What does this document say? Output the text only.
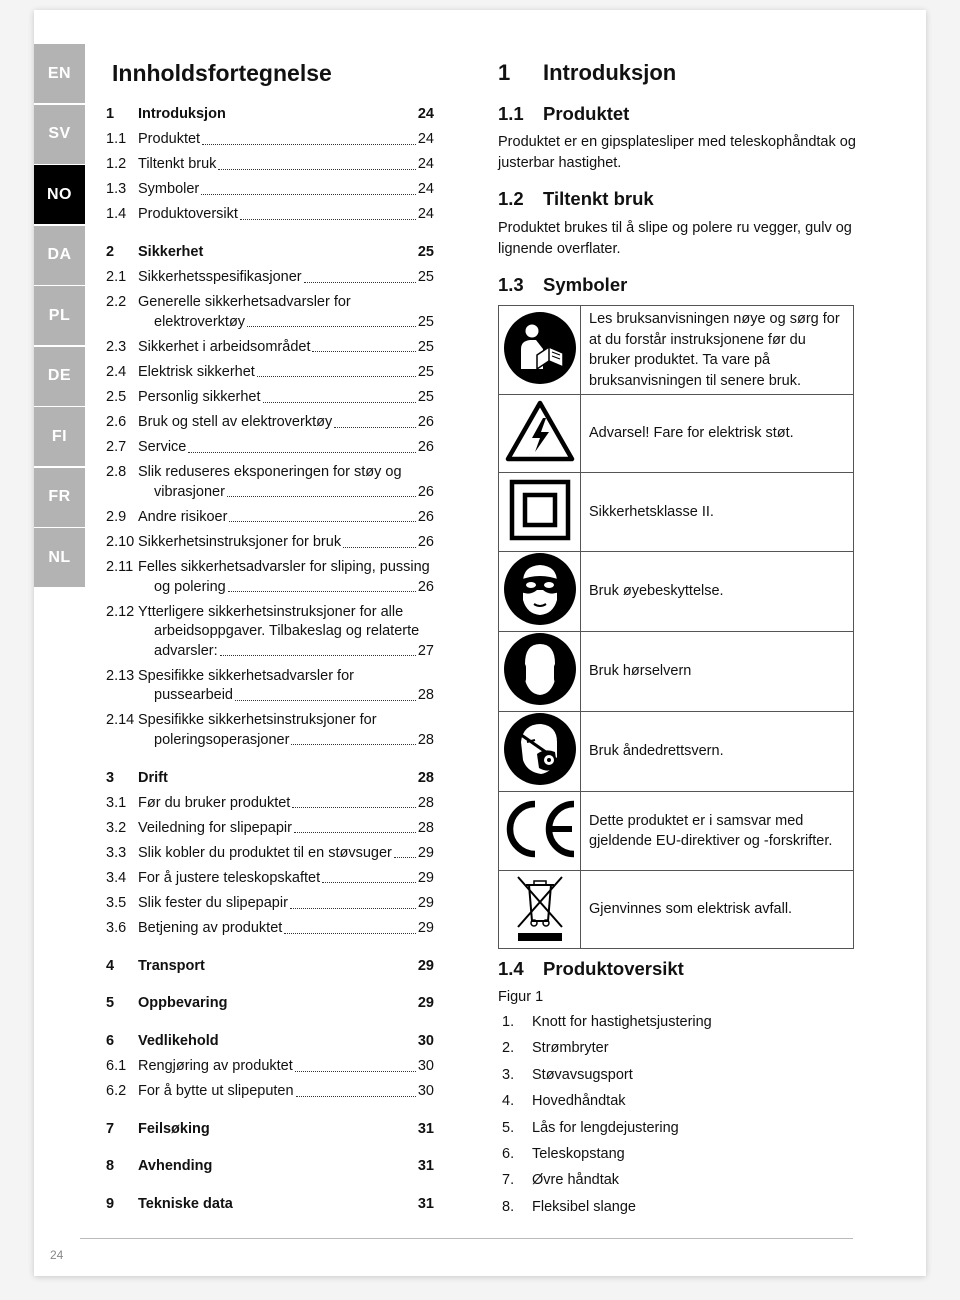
EN
SV
NO
DA
PL
DE
FI
FR
NL
Innholdsfortegnelse
1 Introduksjon	24
1.1 Produktet	24
1.2 Tiltenkt bruk	24
1.3 Symboler	24
1.4 Produktoversikt	24
2 Sikkerhet	25
2.1 Sikkerhetsspesifikasjoner	25
2.2 Generelle sikkerhetsadvarsler for
elektroverktøy	25
2.3 Sikkerhet i arbeidsområdet	25
2.4 Elektrisk sikkerhet	25
2.5 Personlig sikkerhet	25
2.6 Bruk og stell av elektroverktøy	26
2.7 Service	26
2.8 Slik reduseres eksponeringen for støy og
vibrasjoner	26
2.9 Andre risikoer	26
2.10 Sikkerhetsinstruksjoner for bruk	26
2.11 Felles sikkerhetsadvarsler for sliping, pussing
og polering	26
2.12 Ytterligere sikkerhetsinstruksjoner for alle
arbeidsoppgaver. Tilbakeslag og relaterte
advarsler:	27
2.13 Spesifikke sikkerhetsadvarsler for
pussearbeid	28
2.14 Spesifikke sikkerhetsinstruksjoner for
poleringsoperasjoner	28
3 Drift	28
3.1 Før du bruker produktet	28
3.2 Veiledning for slipepapir	28
3.3 Slik kobler du produktet til en støvsuger 29
3.4 For å justere teleskopskaftet	29
3.5 Slik fester du slipepapir	29
3.6 Betjening av produktet	29
4 Transport	29
5 Oppbevaring	29
6 Vedlikehold	30
6.1 Rengjøring av produktet	30
6.2 For å bytte ut slipeputen	30
7 Feilsøking	31
8 Avhending	31
9 Tekniske data	31
1 Introduksjon
1.1 Produktet
Produktet er en gipsplatesliper med teleskophåndtak og justerbar hastighet.
1.2 Tiltenkt bruk
Produktet brukes til å slipe og polere ru vegger, gulv og lignende overflater.
1.3 Symboler
	Les bruksanvisningen nøye og sørg for at du forstår instruksjonene før du bruker produktet. Ta vare på bruksanvisningen til senere bruk.
	Advarsel! Fare for elektrisk støt.
	Sikkerhetsklasse II.
	Bruk øyebeskyttelse.
	Bruk hørselvern
	Bruk åndedrettsvern.
	Dette produktet er i samsvar med gjeldende EU-direktiver og -forskrifter.
	Gjenvinnes som elektrisk avfall.
1.4 Produktoversikt
Figur 1
1. Knott for hastighetsjustering
2. Strømbryter
3. Støvavsugsport
4. Hovedhåndtak
5. Lås for lengdejustering
6. Teleskopstang
7. Øvre håndtak
8. Fleksibel slange
24
